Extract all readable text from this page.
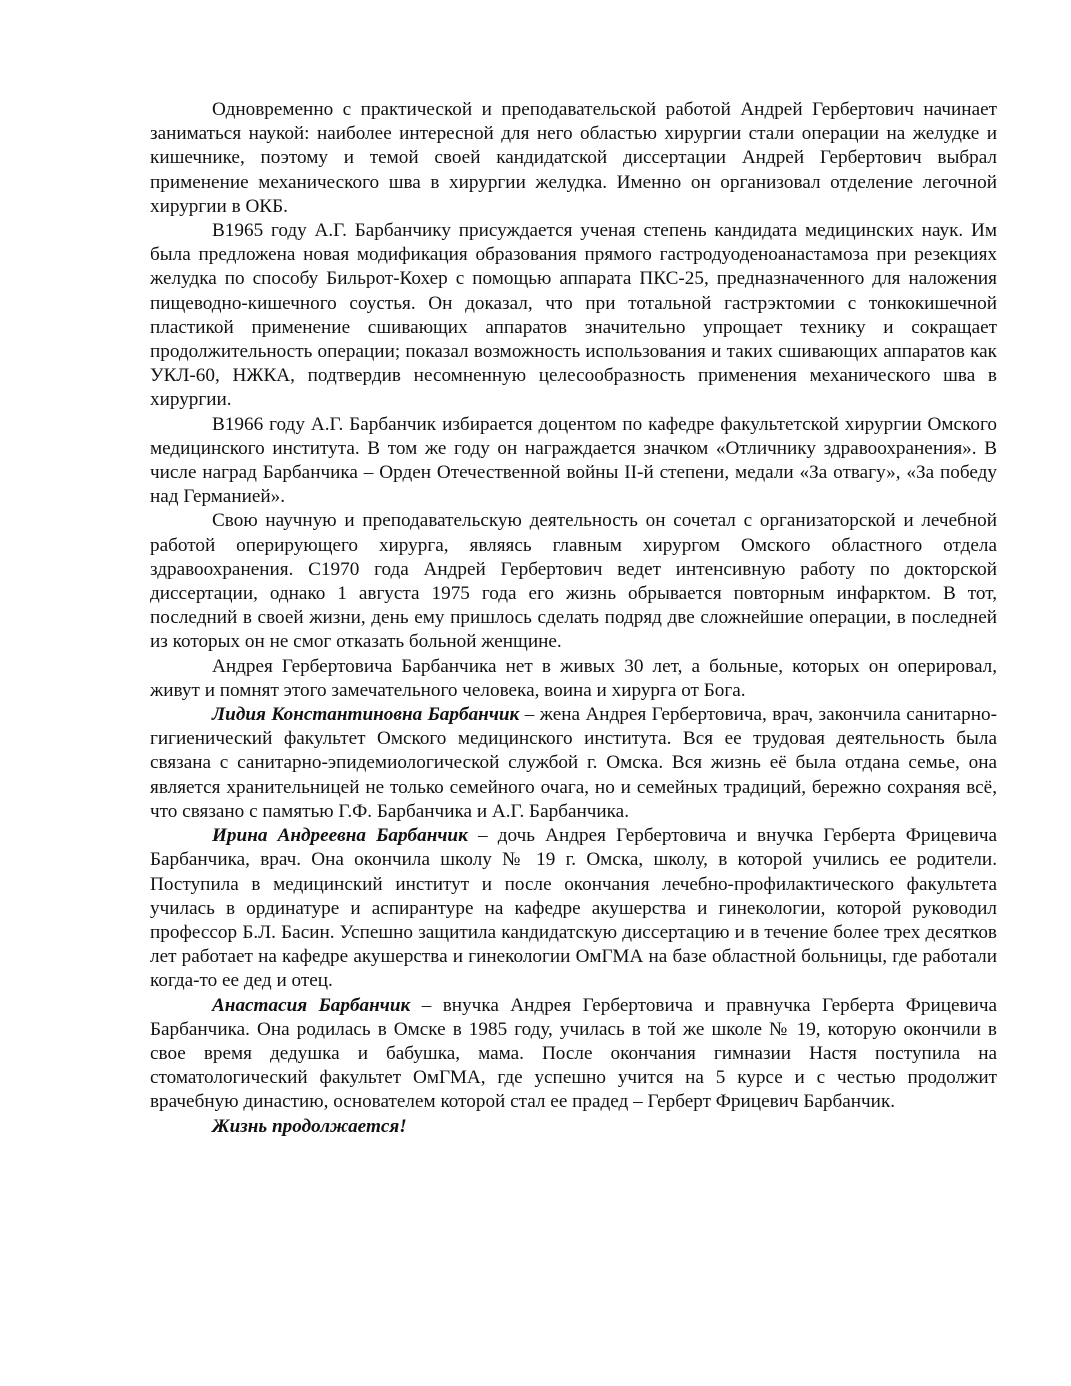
Одновременно с практической и преподавательской работой Андрей Гербертович начинает заниматься наукой: наиболее интересной для него областью хирургии стали операции на желудке и кишечнике, поэтому и темой своей кандидатской диссертации Андрей Гербертович выбрал применение механического шва в хирургии желудка. Именно он организовал отделение легочной хирургии в ОКБ.

В1965 году А.Г. Барбанчику присуждается ученая степень кандидата медицинских наук. Им была предложена новая модификация образования прямого гастродуоденоанастамоза при резекциях желудка по способу Бильрот-Кохер с помощью аппарата ПКС-25, предназначенного для наложения пищеводно-кишечного соустья. Он доказал, что при тотальной гастрэктомии с тонкокишечной пластикой применение сшивающих аппаратов значительно упрощает технику и сокращает продолжительность операции; показал возможность использования и таких сшивающих аппаратов как УКЛ-60, НЖКА, подтвердив несомненную целесообразность применения механического шва в хирургии.

В1966 году А.Г. Барбанчик избирается доцентом по кафедре факультетской хирургии Омского медицинского института. В том же году он награждается значком «Отличнику здравоохранения». В числе наград Барбанчика – Орден Отечественной войны II-й степени, медали «За отвагу», «За победу над Германией».

Свою научную и преподавательскую деятельность он сочетал с организаторской и лечебной работой оперирующего хирурга, являясь главным хирургом Омского областного отдела здравоохранения. С1970 года Андрей Гербертович ведет интенсивную работу по докторской диссертации, однако 1 августа 1975 года его жизнь обрывается повторным инфарктом. В тот, последний в своей жизни, день ему пришлось сделать подряд две сложнейшие операции, в последней из которых он не смог отказать больной женщине.

Андрея Гербертовича Барбанчика нет в живых 30 лет, а больные, которых он оперировал, живут и помнят этого замечательного человека, воина и хирурга от Бога.

Лидия Константиновна Барбанчик – жена Андрея Гербертовича, врач, закончила санитарно-гигиенический факультет Омского медицинского института. Вся ее трудовая деятельность была связана с санитарно-эпидемиологической службой г. Омска. Вся жизнь её была отдана семье, она является хранительницей не только семейного очага, но и семейных традиций, бережно сохраняя всё, что связано с памятью Г.Ф. Барбанчика и А.Г. Барбанчика.

Ирина Андреевна Барбанчик – дочь Андрея Гербертовича и внучка Герберта Фрицевича Барбанчика, врач. Она окончила школу № 19 г. Омска, школу, в которой учились ее родители. Поступила в медицинский институт и после окончания лечебно-профилактического факультета училась в ординатуре и аспирантуре на кафедре акушерства и гинекологии, которой руководил профессор Б.Л. Басин. Успешно защитила кандидатскую диссертацию и в течение более трех десятков лет работает на кафедре акушерства и гинекологии ОмГМА на базе областной больницы, где работали когда-то ее дед и отец.

Анастасия Барбанчик – внучка Андрея Гербертовича и правнучка Герберта Фрицевича Барбанчика. Она родилась в Омске в 1985 году, училась в той же школе № 19, которую окончили в свое время дедушка и бабушка, мама. После окончания гимназии Настя поступила на стоматологический факультет ОмГМА, где успешно учится на 5 курсе и с честью продолжит врачебную династию, основателем которой стал ее прадед – Герберт Фрицевич Барбанчик.

Жизнь продолжается!
